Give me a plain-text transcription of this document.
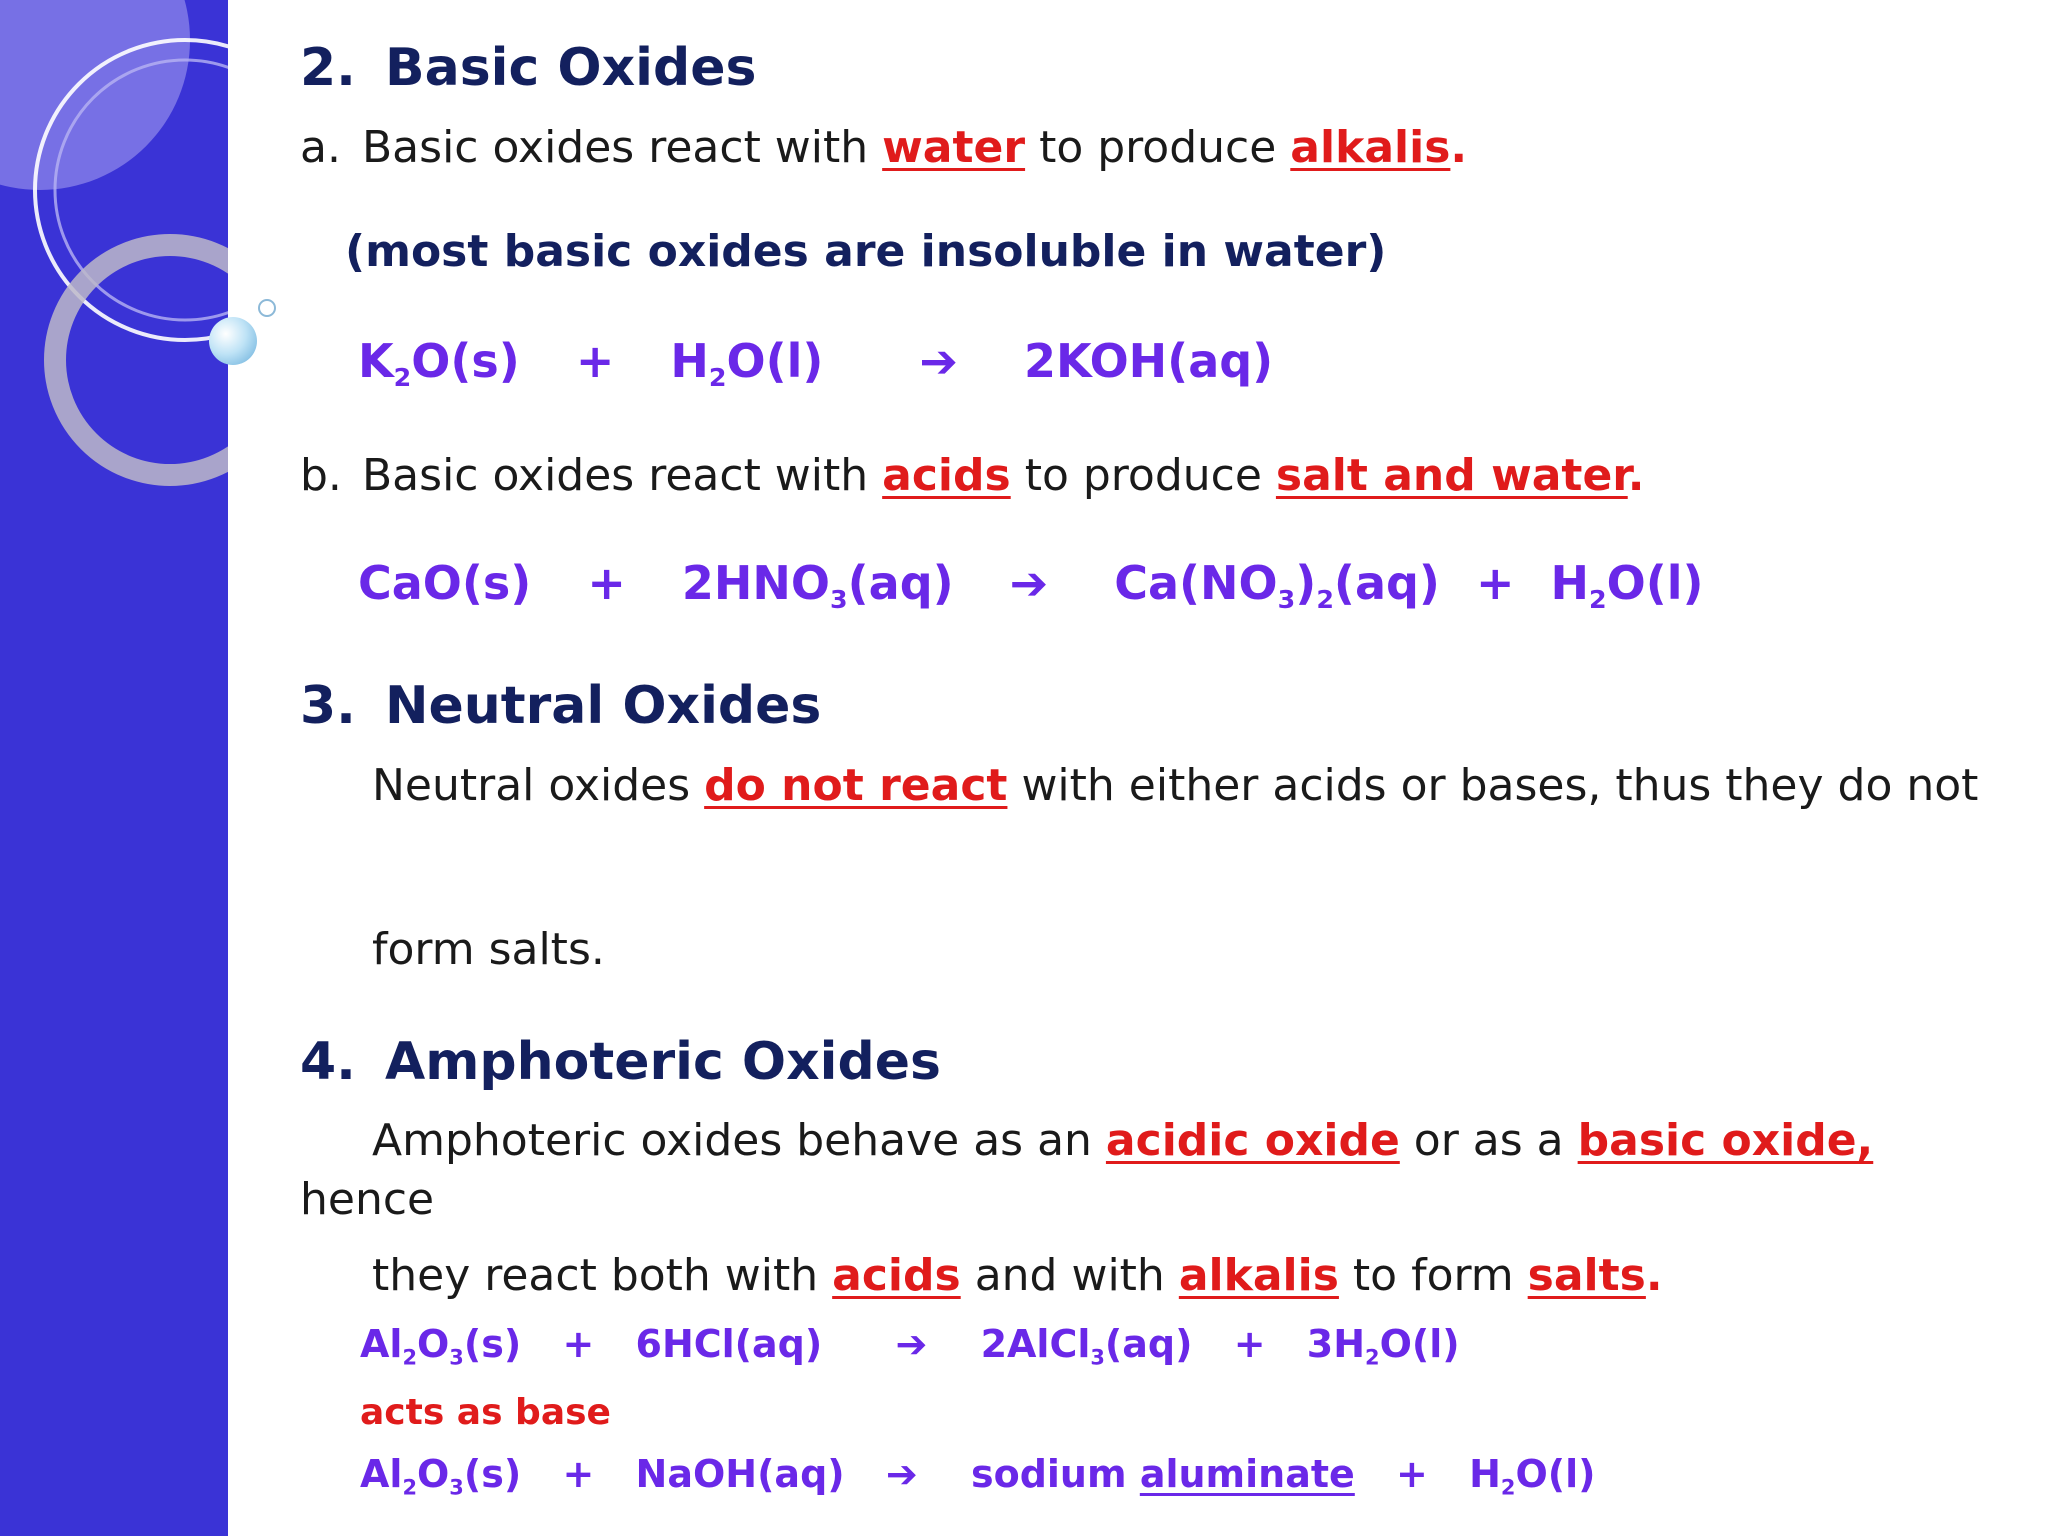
2. Basic Oxides
a. Basic oxides react with water to produce alkalis.
(most basic oxides are insoluble in water)
$K_2O(s) + H_2O(l)$ ➔ 2KOH(aq)
b. Basic oxides react with acids to produce salt and water.
$CaO(s) + 2HNO_3(aq)$ ➔ $Ca(NO_3)_2(aq) + H_2O(l)$
3. Neutral Oxides
Neutral oxides do not react with either acids or bases, thus they do not
form salts.
4. Amphoteric Oxides
Amphoteric oxides behave as an acidic oxide or as a basic oxide,
hence
they react both with acids and with alkalis to form salts.
$Al_2O_3(s) + 6HCl(aq)$ ➔ 2AlCl$_3$(aq) + $3H_2O(l)$
acts as base
$Al_2O_3(s)$ + NaOH(aq) ➔ sodium aluminate + $H_2O(l)$
